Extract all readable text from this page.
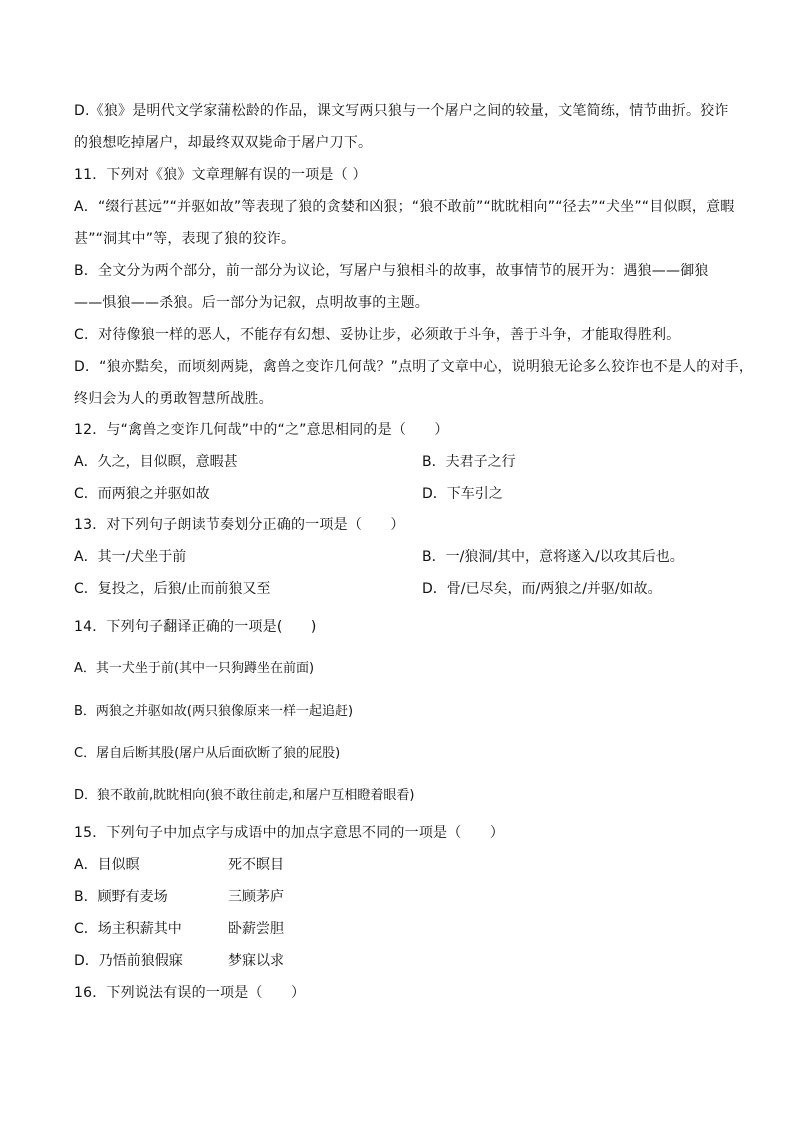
D.《狼》是明代文学家蒲松龄的作品，课文写两只狼与一个屠户之间的较量，文笔简练，情节曲折。狡诈
的狼想吃掉屠户，却最终双双毙命于屠户刀下。
11．下列对《狼》文章理解有误的一项是（ ）
A．“缀行甚远”“并驱如故”等表现了狼的贪婪和凶狠；“狼不敢前”“眈眈相向”“径去”“犬坐”“目似瞑，意暇
甚”“洞其中”等，表现了狼的狡诈。
B．全文分为两个部分，前一部分为议论，写屠户与狼相斗的故事，故事情节的展开为：遇狼——御狼
——惧狼——杀狼。后一部分为记叙，点明故事的主题。
C．对待像狼一样的恶人，不能存有幻想、妥协让步，必须敢于斗争，善于斗争，才能取得胜利。
D．“狼亦黠矣，而顷刻两毙，禽兽之变诈几何哉？”点明了文章中心，说明狼无论多么狡诈也不是人的对手，
终归会为人的勇敢智慧所战胜。
12．与“禽兽之变诈几何哉”中的“之”意思相同的是（　　）
A．久之，目似瞑，意暇甚	B．夫君子之行
C．而两狼之并驱如故	D．下车引之
13．对下列句子朗读节奏划分正确的一项是（　　）
A．其一/犬坐于前	B．一/狼洞/其中，意将遂入/以攻其后也。
C．复投之，后狼/止而前狼又至	D．骨/已尽矣，而/两狼之/并驱/如故。
14．下列句子翻译正确的一项是(　　)
A．其一犬坐于前(其中一只狗蹲坐在前面)
B．两狼之并驱如故(两只狼像原来一样一起追赶)
C．屠自后断其股(屠户从后面砍断了狼的屁股)
D．狼不敢前,眈眈相向(狼不敢往前走,和屠户互相瞪着眼看)
15．下列句子中加点字与成语中的加点字意思不同的一项是（　　）
A．目似瞑	死不瞑目
B．顾野有麦场	三顾茅庐
C．场主积薪其中	卧薪尝胆
D．乃悟前狼假寐	梦寐以求
16．下列说法有误的一项是（　　）
